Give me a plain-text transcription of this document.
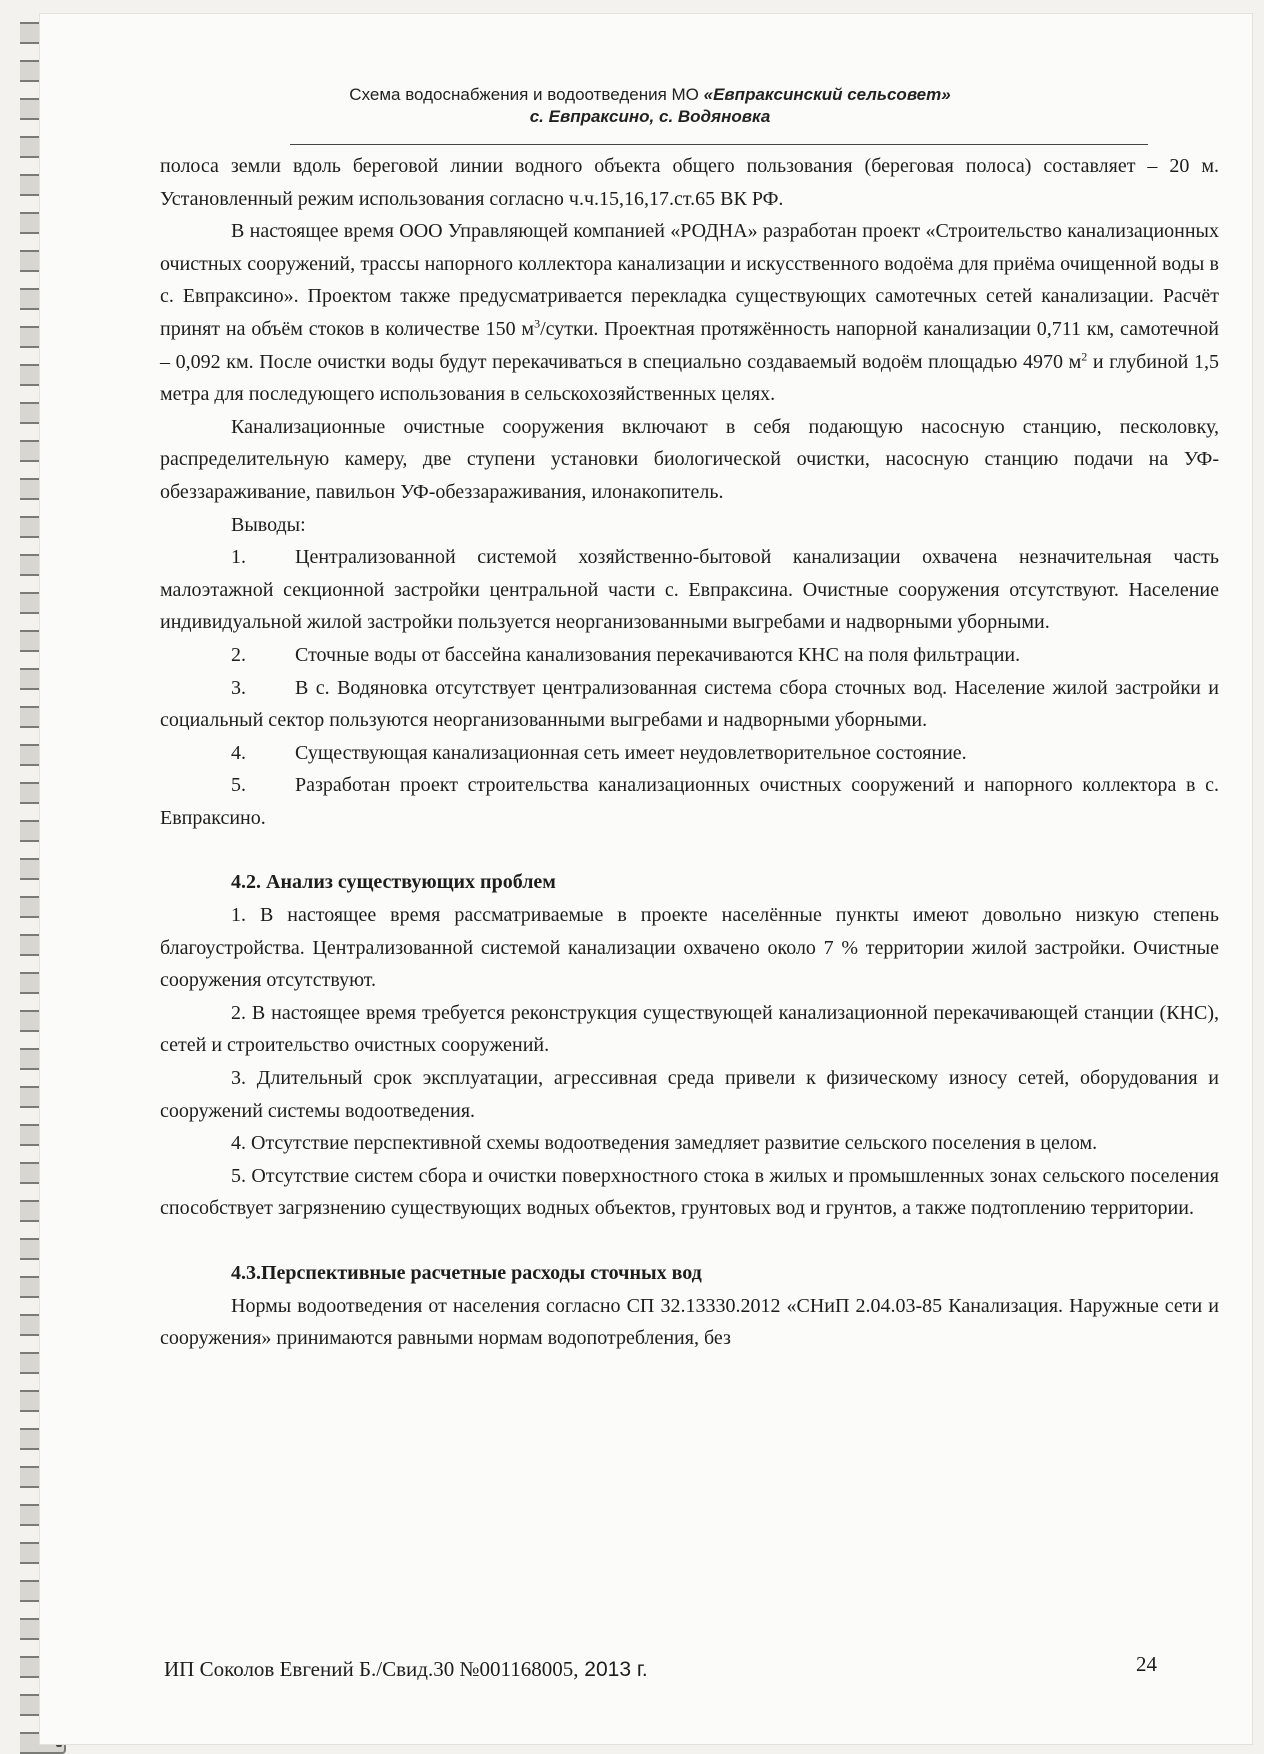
Схема водоснабжения и водоотведения МО «Евпраксинский сельсовет»
с. Евпраксино, с. Водяновка

полоса земли вдоль береговой линии водного объекта общего пользования (береговая полоса) составляет – 20 м. Установленный режим использования согласно ч.ч.15,16,17.ст.65 ВК РФ.

В настоящее время ООО Управляющей компанией «РОДНА» разработан проект «Строительство канализационных очистных сооружений, трассы напорного коллектора канализации и искусственного водоёма для приёма очищенной воды в с. Евпраксино». Проектом также предусматривается перекладка существующих самотечных сетей канализации. Расчёт принят на объём стоков в количестве 150 $м^3$/сутки. Проектная протяжённость напорной канализации 0,711 км, самотечной – 0,092 км. После очистки воды будут перекачиваться в специально создаваемый водоём площадью 4970 $м^2$ и глубиной 1,5 метра для последующего использования в сельскохозяйственных целях.

Канализационные очистные сооружения включают в себя подающую насосную станцию, песколовку, распределительную камеру, две ступени установки биологической очистки, насосную станцию подачи на УФ-обеззараживание, павильон УФ-обеззараживания, илонакопитель.

Выводы:

1. Централизованной системой хозяйственно-бытовой канализации охвачена незначительная часть малоэтажной секционной застройки центральной части с. Евпраксина. Очистные сооружения отсутствуют. Население индивидуальной жилой застройки пользуется неорганизованными выгребами и надворными уборными.

2. Сточные воды от бассейна канализования перекачиваются КНС на поля фильтрации.

3. В с. Водяновка отсутствует централизованная система сбора сточных вод. Население жилой застройки и социальный сектор пользуются неорганизованными выгребами и надворными уборными.

4. Существующая канализационная сеть имеет неудовлетворительное состояние.

5. Разработан проект строительства канализационных очистных сооружений и напорного коллектора в с. Евпраксино.

4.2. Анализ существующих проблем

1. В настоящее время рассматриваемые в проекте населённые пункты имеют довольно низкую степень благоустройства. Централизованной системой канализации охвачено около 7 % территории жилой застройки. Очистные сооружения отсутствуют.

2. В настоящее время требуется реконструкция существующей канализационной перекачивающей станции (КНС), сетей и строительство очистных сооружений.

3. Длительный срок эксплуатации, агрессивная среда привели к физическому износу сетей, оборудования и сооружений системы водоотведения.

4. Отсутствие перспективной схемы водоотведения замедляет развитие сельского поселения в целом.

5. Отсутствие систем сбора и очистки поверхностного стока в жилых и промышленных зонах сельского поселения способствует загрязнению существующих водных объектов, грунтовых вод и грунтов, а также подтоплению территории.

4.3.Перспективные расчетные расходы сточных вод

Нормы водоотведения от населения согласно СП 32.13330.2012 «СНиП 2.04.03-85 Канализация. Наружные сети и сооружения» принимаются равными нормам водопотребления, без

ИП Соколов Евгений Б./Свид.30 №001168005, 2013 г.	24
